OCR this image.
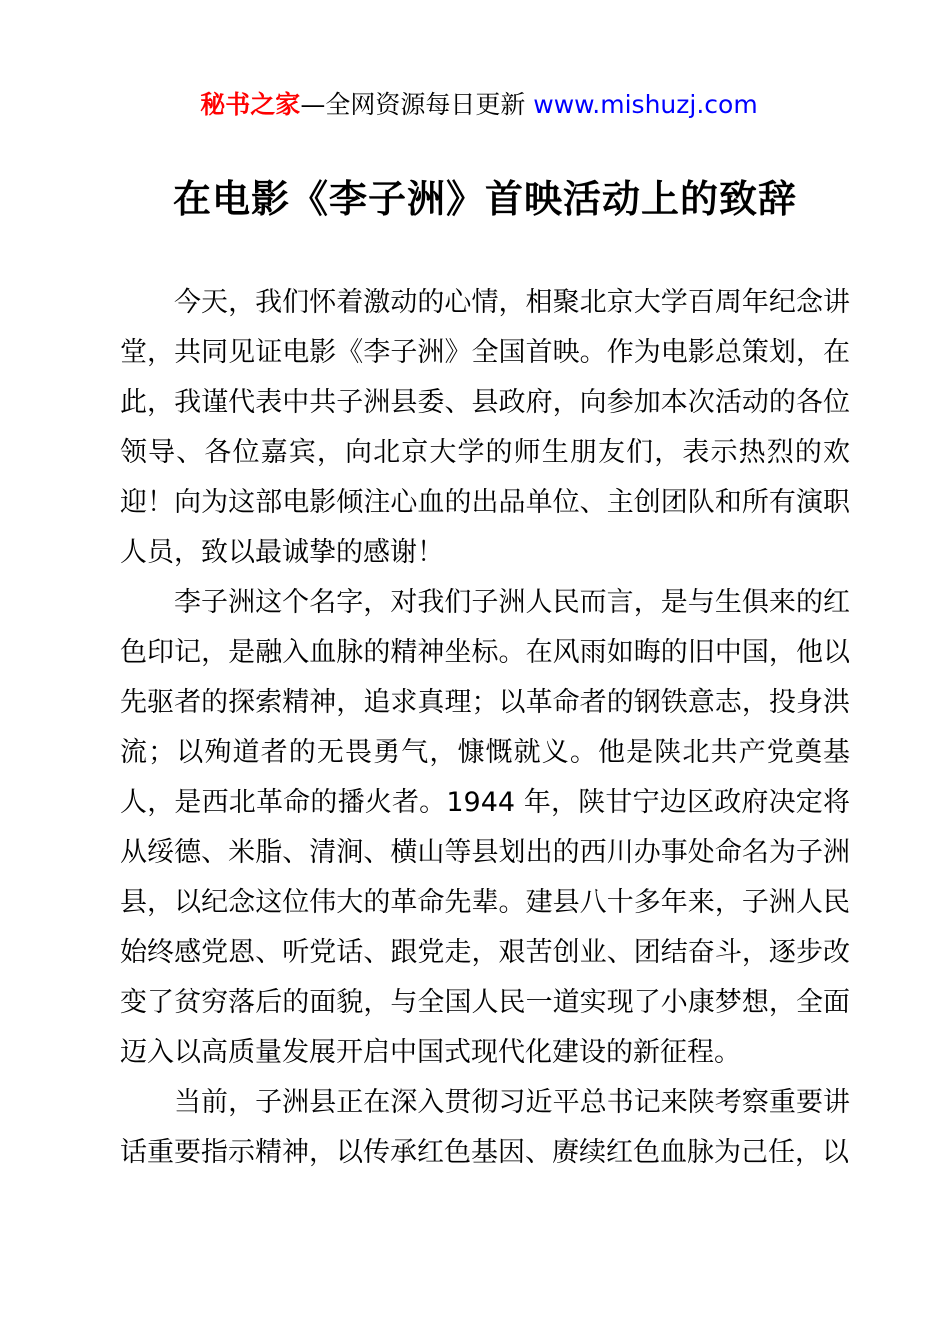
秘书之家—全网资源每日更新 www.mishuzj.com
在电影《李子洲》首映活动上的致辞

今天，我们怀着激动的心情，相聚北京大学百周年纪念讲堂，共同见证电影《李子洲》全国首映。作为电影总策划，在此，我谨代表中共子洲县委、县政府，向参加本次活动的各位领导、各位嘉宾，向北京大学的师生朋友们，表示热烈的欢迎！向为这部电影倾注心血的出品单位、主创团队和所有演职人员，致以最诚挚的感谢！

李子洲这个名字，对我们子洲人民而言，是与生俱来的红色印记，是融入血脉的精神坐标。在风雨如晦的旧中国，他以先驱者的探索精神，追求真理；以革命者的钢铁意志，投身洪流；以殉道者的无畏勇气，慷慨就义。他是陕北共产党奠基人，是西北革命的播火者。1944 年，陕甘宁边区政府决定将从绥德、米脂、清涧、横山等县划出的西川办事处命名为子洲县，以纪念这位伟大的革命先辈。建县八十多年来，子洲人民始终感党恩、听党话、跟党走，艰苦创业、团结奋斗，逐步改变了贫穷落后的面貌，与全国人民一道实现了小康梦想，全面迈入以高质量发展开启中国式现代化建设的新征程。

当前，子洲县正在深入贯彻习近平总书记来陕考察重要讲话重要指示精神，以传承红色基因、赓续红色血脉为己任，以
